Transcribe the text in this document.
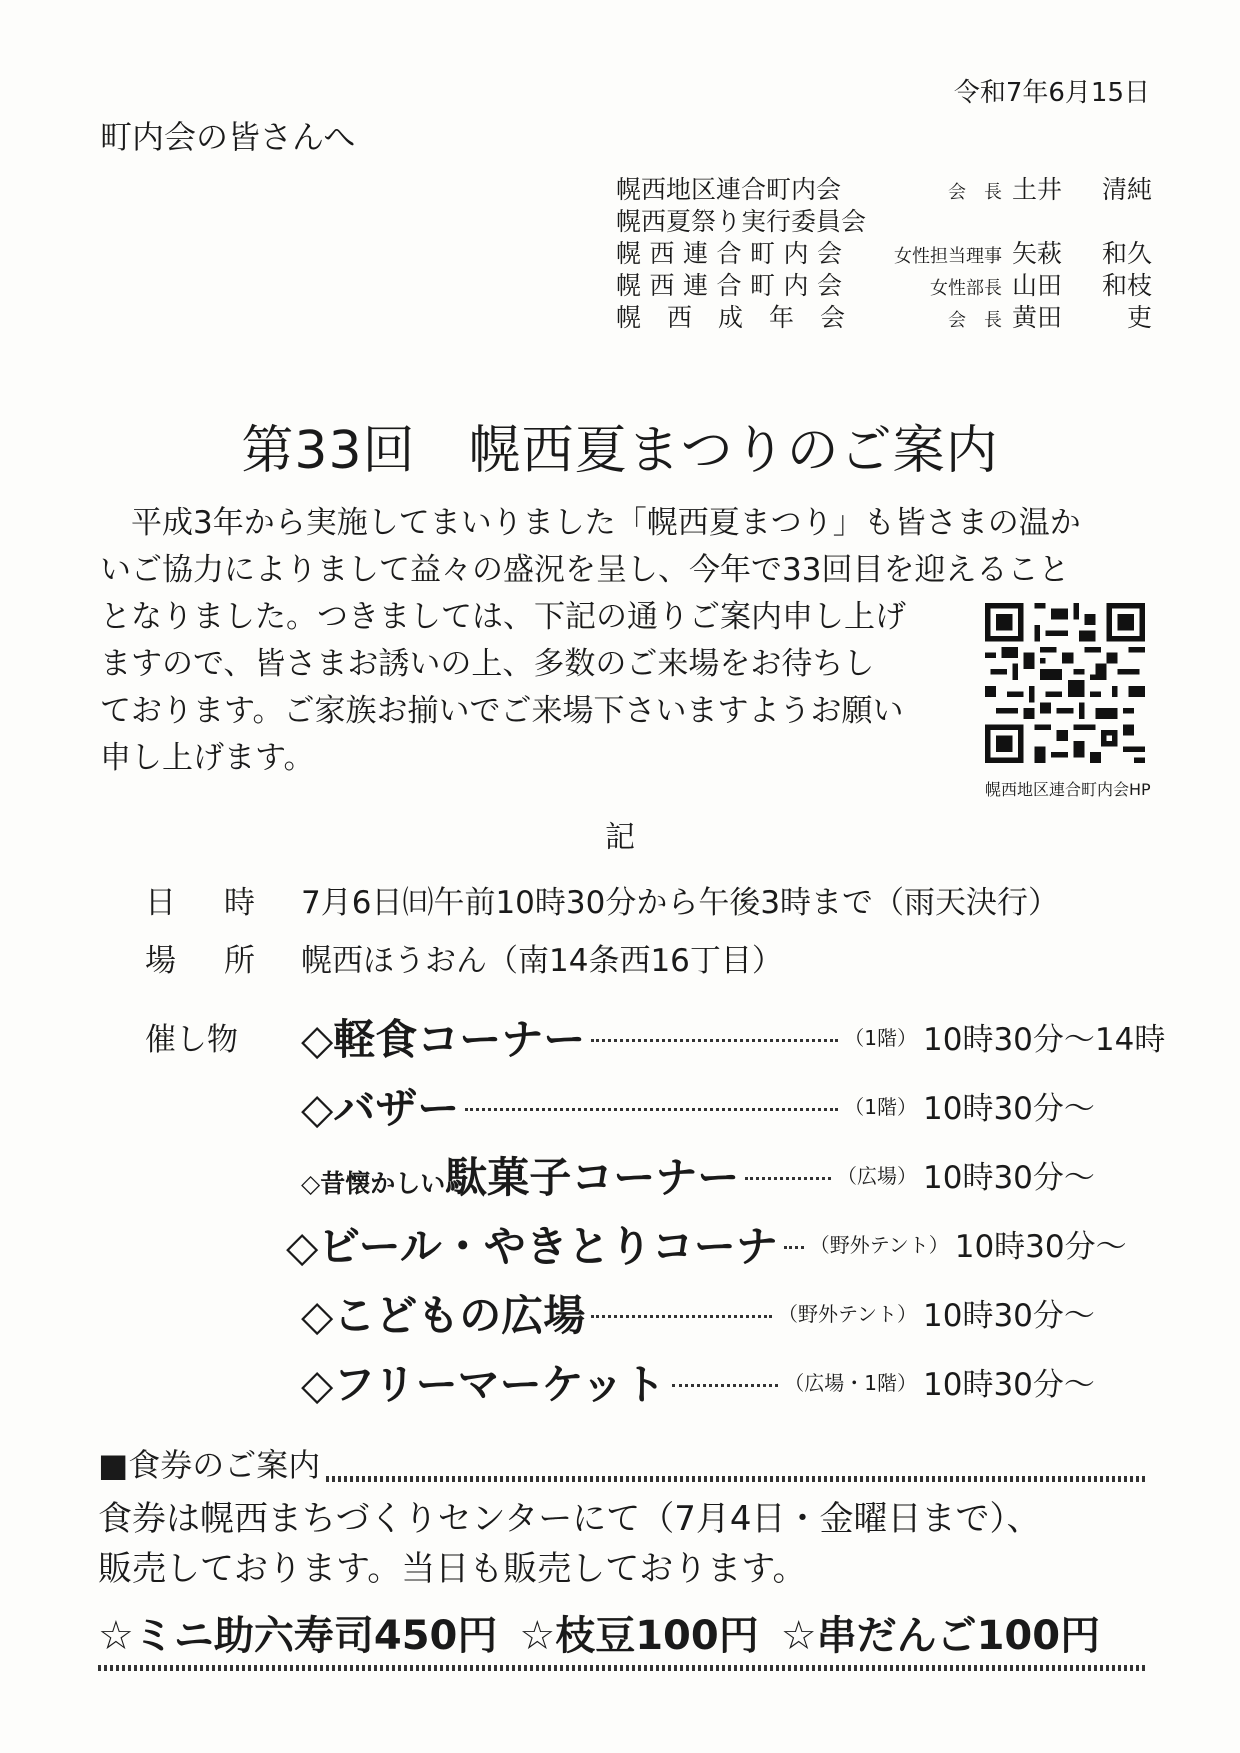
令和7年6月15日
町内会の皆さんへ
幌西地区連合町内会	会　長 土井 清純
幌西夏祭り実行委員会
幌西連合町内会	女性担当理事 矢萩 和久
幌西連合町内会	女性部長 山田 和枝
幌西成年会	会　長 黄田	吏
第33回　幌西夏まつりのご案内
平成3年から実施してまいりました「幌西夏まつり」も皆さまの温か
いご協力によりまして益々の盛況を呈し、今年で33回目を迎えること
となりました。つきましては、下記の通りご案内申し上げ
ますので、皆さまお誘いの上、多数のご来場をお待ちし
ております。ご家族お揃いでご来場下さいますようお願い
申し上げます。
幌西地区連合町内会HP
記
日 時 7月6日㈰午前10時30分から午後3時まで（雨天決行）
場 所 幌西ほうおん（南14条西16丁目）
催し物	◇軽食コーナー	（1階） 10時30分～14時
◇バザー	（1階） 10時30分～
◇昔懐かしい駄菓子コーナー	（広場） 10時30分～
◇ビール・やきとりコーナ （野外テント） 10時30分～
◇こどもの広場	（野外テント） 10時30分～
◇フリーマーケット	（広場・1階） 10時30分～
■食券のご案内
食券は幌西まちづくりセンターにて（7月4日・金曜日まで）、
販売しております。当日も販売しております。
☆ミニ助六寿司450円 ☆枝豆100円 ☆串だんご100円
